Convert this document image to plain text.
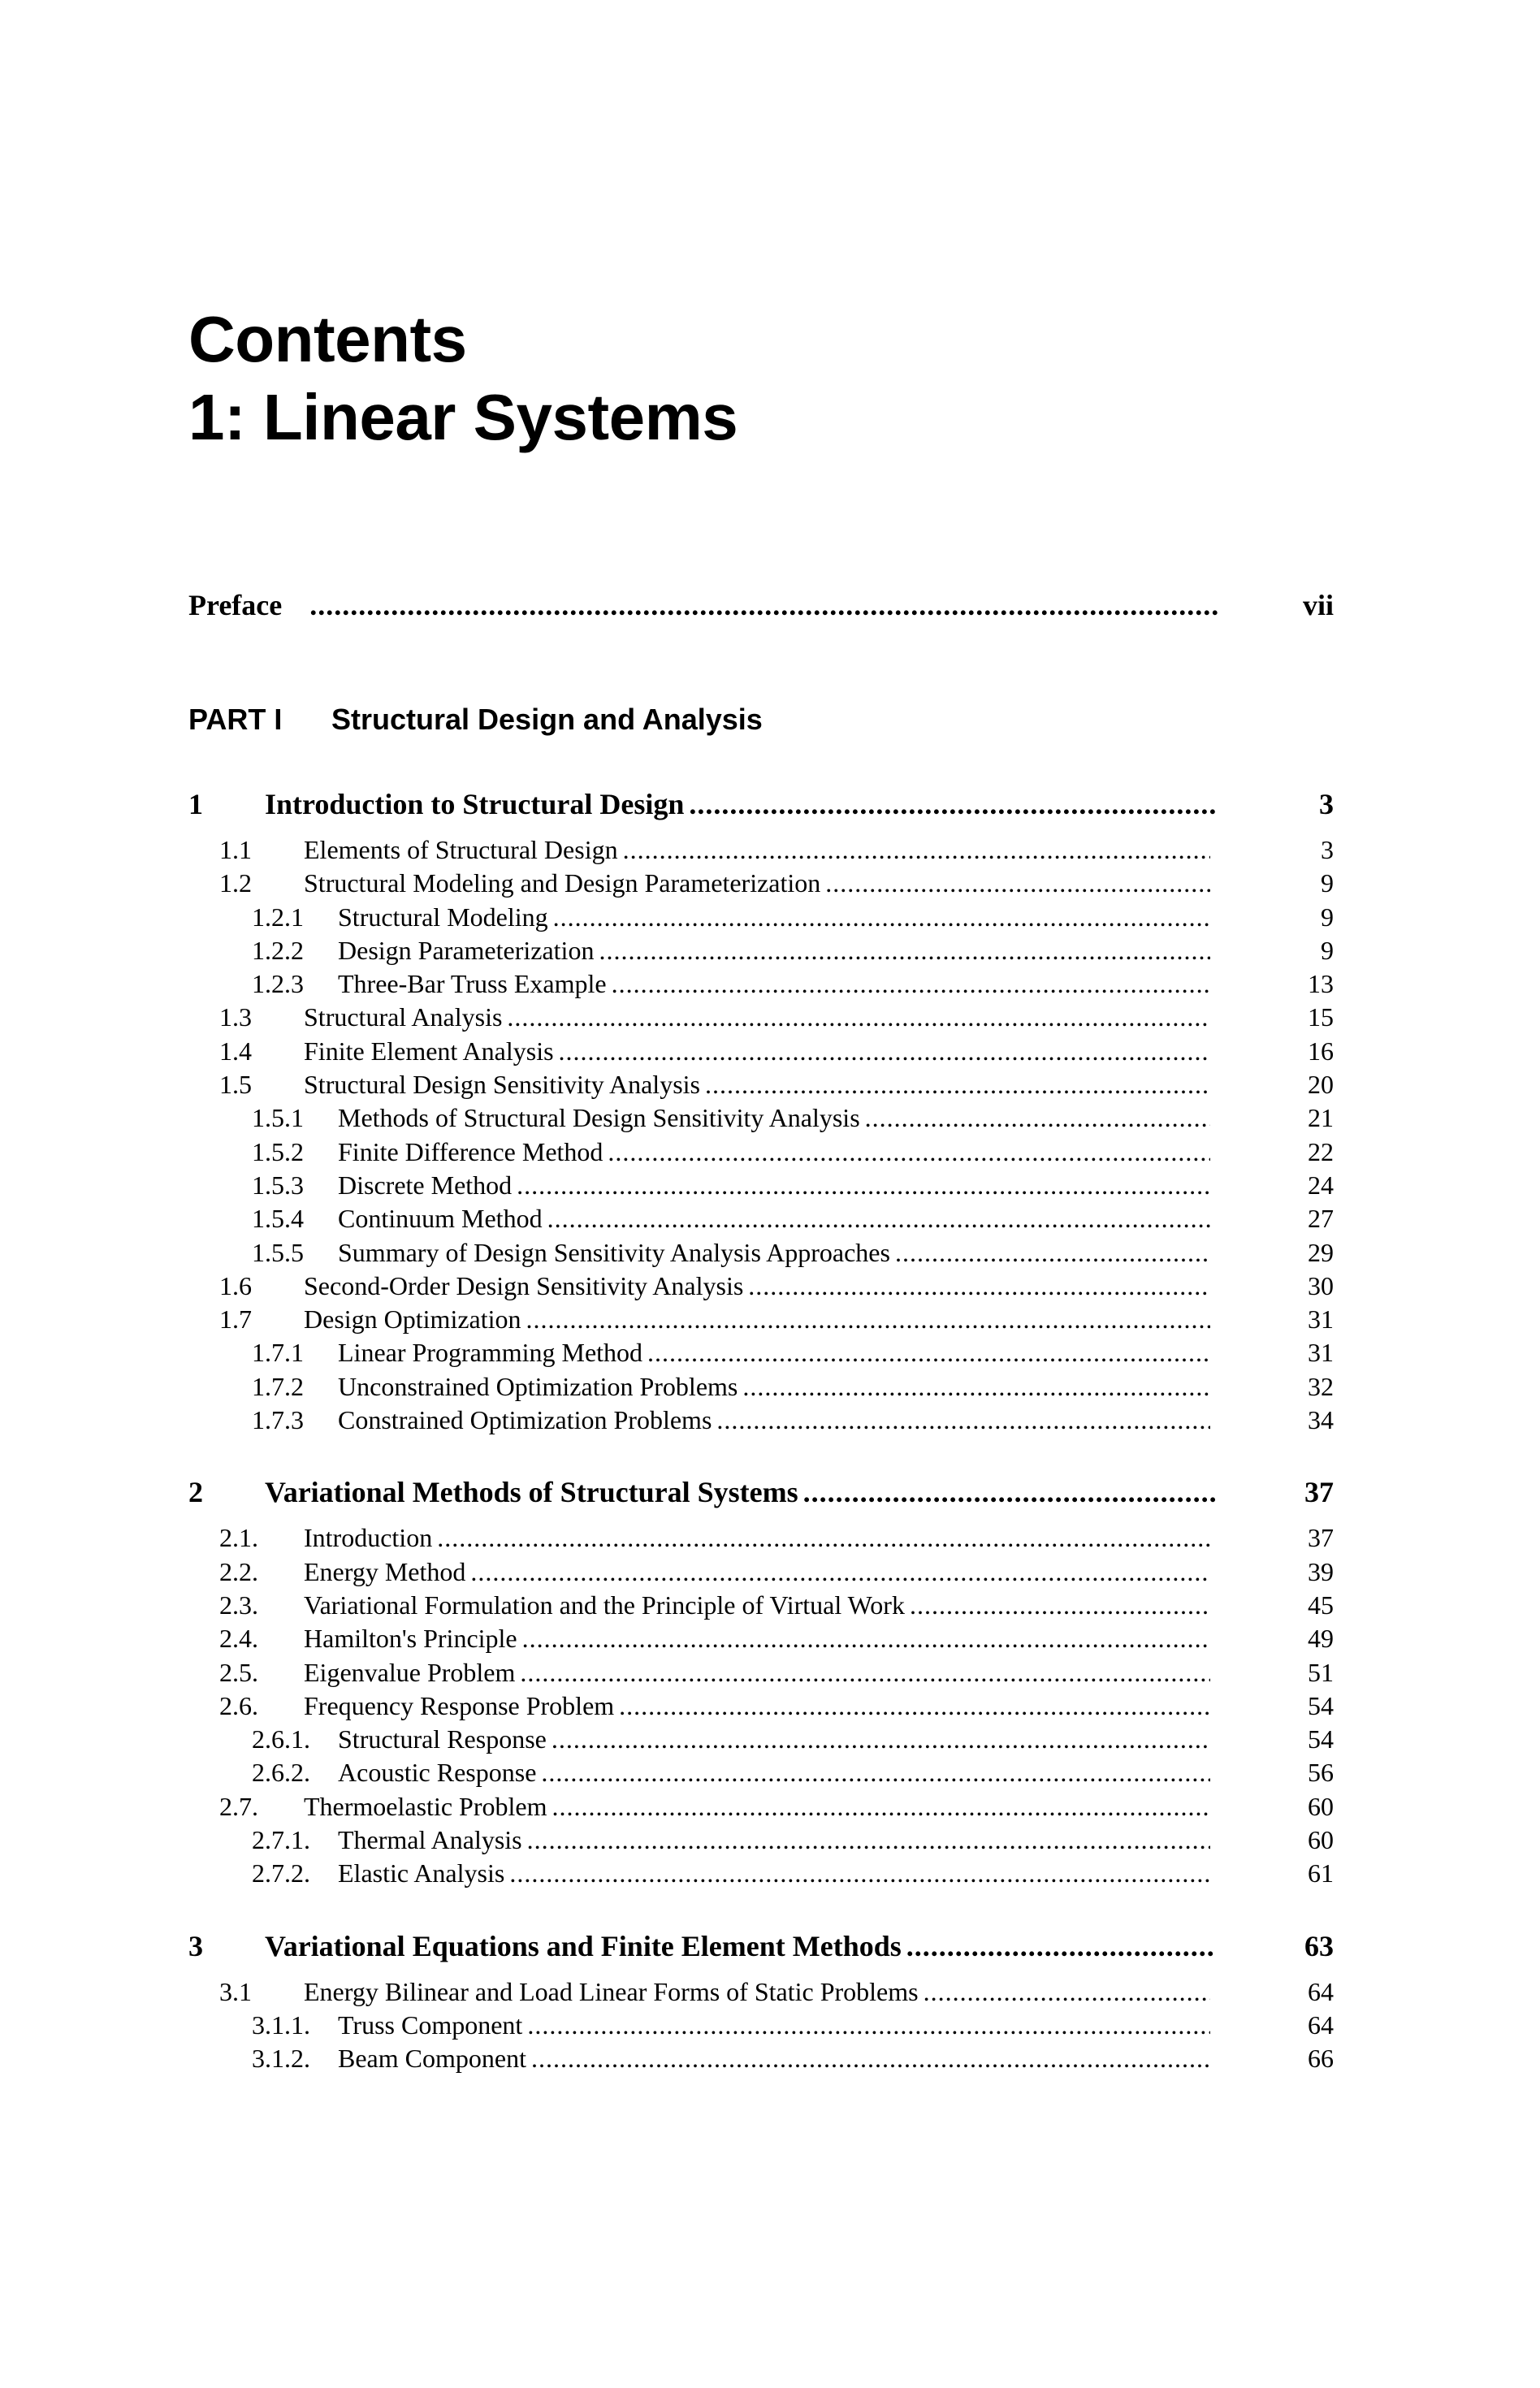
Contents
1: Linear Systems
Preface .....	vii
PART I	Structural Design and Analysis
1	Introduction to Structural Design .....	3
1.1	Elements of Structural Design .....	3
1.2	Structural Modeling and Design Parameterization .....	9
1.2.1	Structural Modeling .....	9
1.2.2	Design Parameterization .....	9
1.2.3	Three-Bar Truss Example .....	13
1.3	Structural Analysis .....	15
1.4	Finite Element Analysis .....	16
1.5	Structural Design Sensitivity Analysis .....	20
1.5.1	Methods of Structural Design Sensitivity Analysis .....	21
1.5.2	Finite Difference Method .....	22
1.5.3	Discrete Method .....	24
1.5.4	Continuum Method .....	27
1.5.5	Summary of Design Sensitivity Analysis Approaches .....	29
1.6	Second-Order Design Sensitivity Analysis .....	30
1.7	Design Optimization .....	31
1.7.1	Linear Programming Method .....	31
1.7.2	Unconstrained Optimization Problems .....	32
1.7.3	Constrained Optimization Problems .....	34
2	Variational Methods of Structural Systems .....	37
2.1.	Introduction .....	37
2.2.	Energy Method .....	39
2.3.	Variational Formulation and the Principle of Virtual Work .....	45
2.4.	Hamilton's Principle .....	49
2.5.	Eigenvalue Problem .....	51
2.6.	Frequency Response Problem .....	54
2.6.1.	Structural Response .....	54
2.6.2.	Acoustic Response .....	56
2.7.	Thermoelastic Problem .....	60
2.7.1.	Thermal Analysis .....	60
2.7.2.	Elastic Analysis .....	61
3	Variational Equations and Finite Element Methods .....	63
3.1	Energy Bilinear and Load Linear Forms of Static Problems .....	64
3.1.1.	Truss Component .....	64
3.1.2.	Beam Component .....	66
